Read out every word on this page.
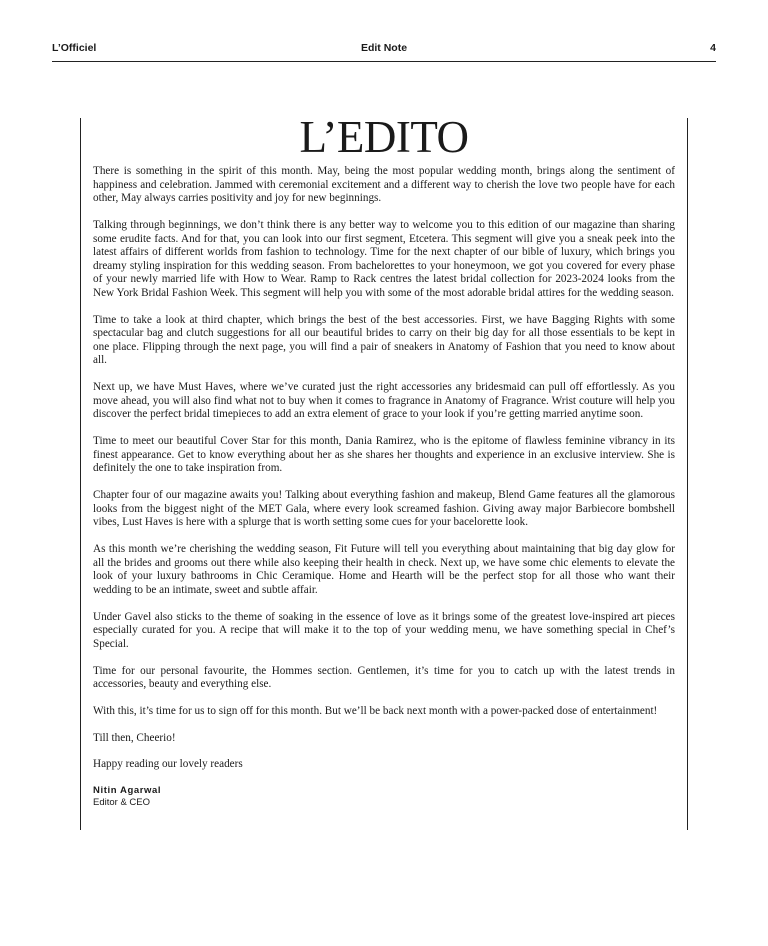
L’Officiel	Edit Note	4
L’EDITO

There is something in the spirit of this month. May, being the most popular wedding month, brings along the sentiment of happiness and celebration. Jammed with ceremonial excitement and a different way to cherish the love two people have for each other, May always carries positivity and joy for new beginnings.

Talking through beginnings, we don’t think there is any better way to welcome you to this edition of our magazine than sharing some erudite facts. And for that, you can look into our first segment, Etcetera. This segment will give you a sneak peek into the latest affairs of different worlds from fashion to technology. Time for the next chapter of our bible of luxury, which brings you dreamy styling inspiration for this wedding season. From bachelorettes to your honeymoon, we got you covered for every phase of your newly married life with How to Wear. Ramp to Rack centres the latest bridal collection for 2023-2024 looks from the New York Bridal Fashion Week. This segment will help you with some of the most adorable bridal attires for the wedding season.

Time to take a look at third chapter, which brings the best of the best accessories. First, we have Bagging Rights with some spectacular bag and clutch suggestions for all our beautiful brides to carry on their big day for all those essentials to be kept in one place. Flipping through the next page, you will find a pair of sneakers in Anatomy of Fashion that you need to know about all.

Next up, we have Must Haves, where we’ve curated just the right accessories any bridesmaid can pull off effortlessly. As you move ahead, you will also find what not to buy when it comes to fragrance in Anatomy of Fragrance. Wrist couture will help you discover the perfect bridal timepieces to add an extra element of grace to your look if you’re getting married anytime soon.

Time to meet our beautiful Cover Star for this month, Dania Ramirez, who is the epitome of flawless feminine vibrancy in its finest appearance. Get to know everything about her as she shares her thoughts and experience in an exclusive interview. She is definitely the one to take inspiration from.

Chapter four of our magazine awaits you! Talking about everything fashion and makeup, Blend Game features all the glamorous looks from the biggest night of the MET Gala, where every look screamed fashion. Giving away major Barbiecore bombshell vibes, Lust Haves is here with a splurge that is worth setting some cues for your bacelorette look.

As this month we’re cherishing the wedding season, Fit Future will tell you everything about maintaining that big day glow for all the brides and grooms out there while also keeping their health in check. Next up, we have some chic elements to elevate the look of your luxury bathrooms in Chic Ceramique. Home and Hearth will be the perfect stop for all those who want their wedding to be an intimate, sweet and subtle affair.

Under Gavel also sticks to the theme of soaking in the essence of love as it brings some of the greatest love-inspired art pieces especially curated for you. A recipe that will make it to the top of your wedding menu, we have something special in Chef’s Special.

Time for our personal favourite, the Hommes section. Gentlemen, it’s time for you to catch up with the latest trends in accessories, beauty and everything else.

With this, it’s time for us to sign off for this month. But we’ll be back next month with a power-packed dose of entertainment!

Till then, Cheerio!

Happy reading our lovely readers

Nitin Agarwal
Editor & CEO
